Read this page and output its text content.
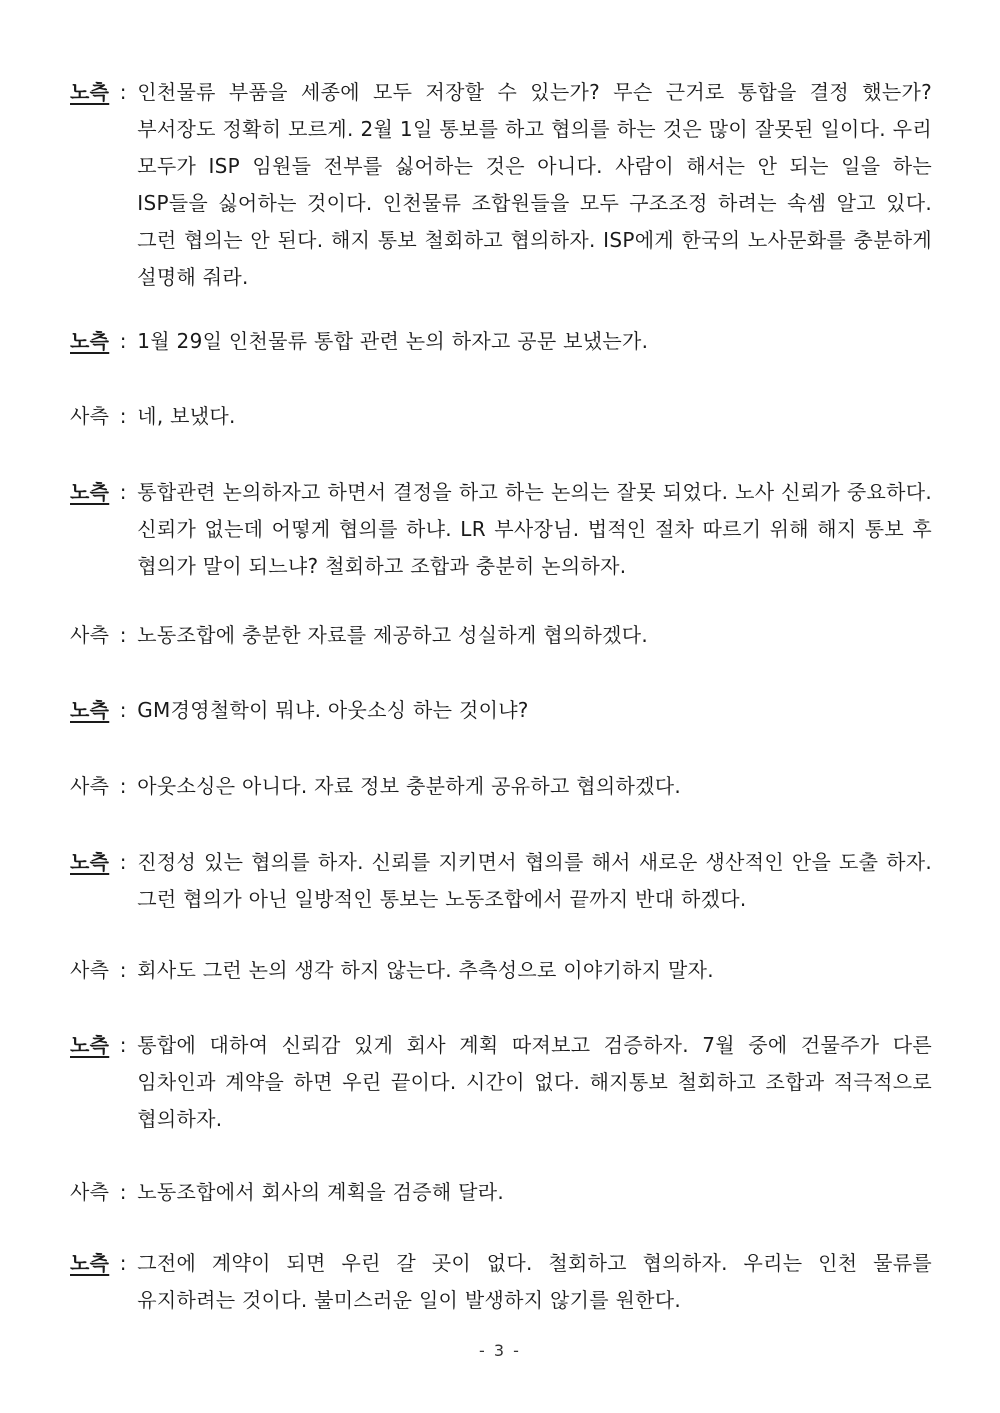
노측 : 인천물류 부품을 세종에 모두 저장할 수 있는가? 무슨 근거로 통합을 결정 했는가? 부서장도 정확히 모르게. 2월 1일 통보를 하고 협의를 하는 것은 많이 잘못된 일이다. 우리 모두가 ISP 임원들 전부를 싫어하는 것은 아니다. 사람이 해서는 안 되는 일을 하는 ISP들을 싫어하는 것이다. 인천물류 조합원들을 모두 구조조정 하려는 속셈 알고 있다. 그런 협의는 안 된다. 해지 통보 철회하고 협의하자. ISP에게 한국의 노사문화를 충분하게 설명해 줘라.
노측 : 1월 29일 인천물류 통합 관련 논의 하자고 공문 보냈는가.
사측 : 네, 보냈다.
노측 : 통합관련 논의하자고 하면서 결정을 하고 하는 논의는 잘못 되었다. 노사 신뢰가 중요하다. 신뢰가 없는데 어떻게 협의를 하냐. LR 부사장님. 법적인 절차 따르기 위해 해지 통보 후 협의가 말이 되느냐? 철회하고 조합과 충분히 논의하자.
사측 : 노동조합에 충분한 자료를 제공하고 성실하게 협의하겠다.
노측 : GM경영철학이 뭐냐. 아웃소싱 하는 것이냐?
사측 : 아웃소싱은 아니다. 자료 정보 충분하게 공유하고 협의하겠다.
노측 : 진정성 있는 협의를 하자. 신뢰를 지키면서 협의를 해서 새로운 생산적인 안을 도출 하자. 그런 협의가 아닌 일방적인 통보는 노동조합에서 끝까지 반대 하겠다.
사측 : 회사도 그런 논의 생각 하지 않는다. 추측성으로 이야기하지 말자.
노측 : 통합에 대하여 신뢰감 있게 회사 계획 따져보고 검증하자. 7월 중에 건물주가 다른 임차인과 계약을 하면 우린 끝이다. 시간이 없다. 해지통보 철회하고 조합과 적극적으로 협의하자.
사측 : 노동조합에서 회사의 계획을 검증해 달라.
노측 : 그전에 계약이 되면 우린 갈 곳이 없다. 철회하고 협의하자. 우리는 인천 물류를 유지하려는 것이다. 불미스러운 일이 발생하지 않기를 원한다.
- 3 -
